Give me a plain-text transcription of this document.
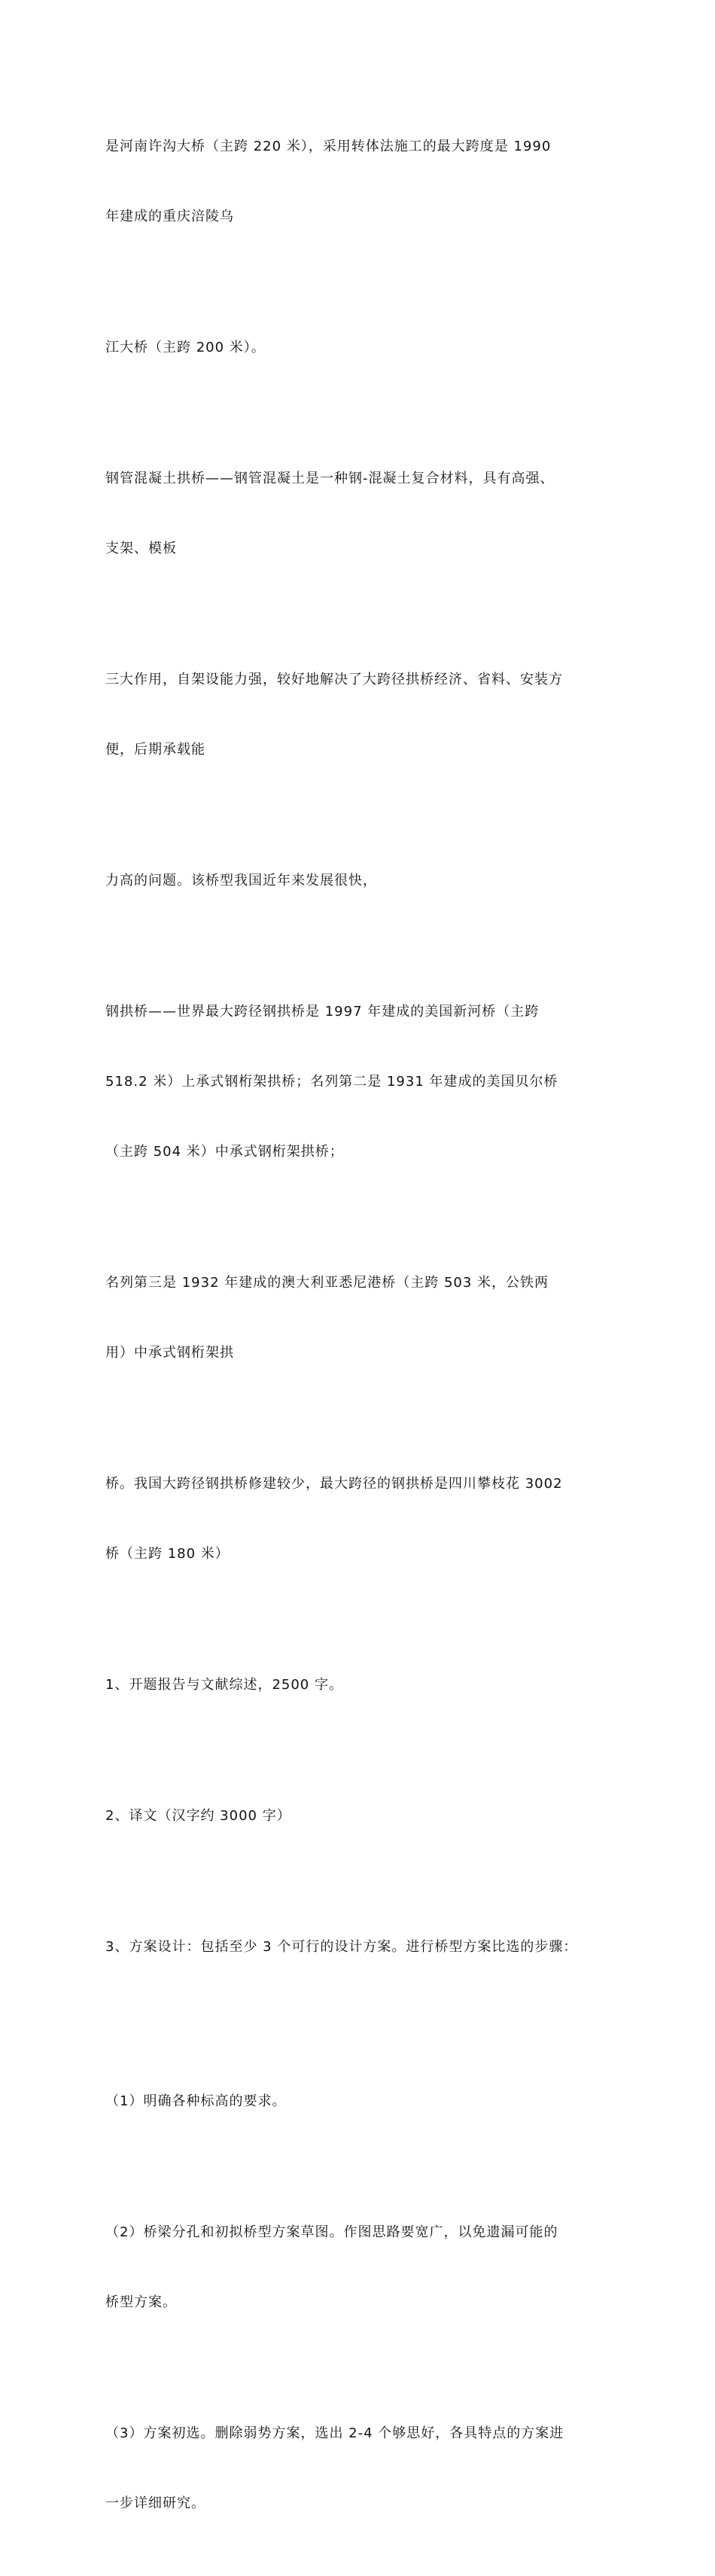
是河南许沟大桥（主跨 220 米），采用转体法施工的最大跨度是 1990

年建成的重庆涪陵乌

江大桥（主跨 200 米）。

钢管混凝土拱桥——钢管混凝土是一种钢-混凝土复合材料，具有高强、

支架、模板

三大作用，自架设能力强，较好地解决了大跨径拱桥经济、省料、安装方

便，后期承载能

力高的问题。该桥型我国近年来发展很快，

钢拱桥——世界最大跨径钢拱桥是 1997 年建成的美国新河桥（主跨

518.2 米）上承式钢桁架拱桥；名列第二是 1931 年建成的美国贝尔桥

（主跨 504 米）中承式钢桁架拱桥；

名列第三是 1932 年建成的澳大利亚悉尼港桥（主跨 503 米，公铁两

用）中承式钢桁架拱

桥。我国大跨径钢拱桥修建较少，最大跨径的钢拱桥是四川攀枝花 3002

桥（主跨 180 米）

1、开题报告与文献综述，2500 字。

2、译文（汉字约 3000 字）

3、方案设计：包括至少 3 个可行的设计方案。进行桥型方案比选的步骤：

（1）明确各种标高的要求。

（2）桥梁分孔和初拟桥型方案草图。作图思路要宽广，以免遗漏可能的

桥型方案。

（3）方案初选。删除弱势方案，选出 2-4 个够思好，各具特点的方案进

一步详细研究。
